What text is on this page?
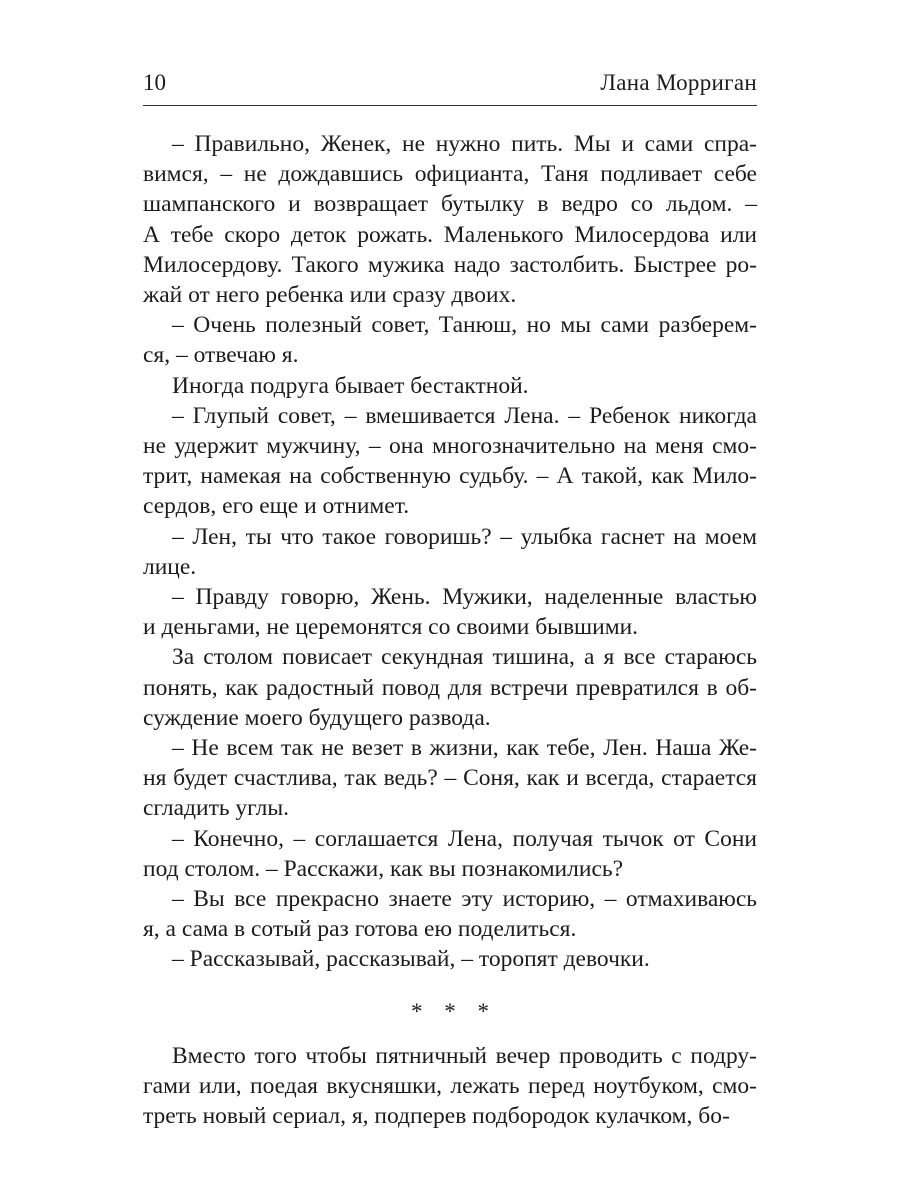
10	Лана Морриган

– Правильно, Женек, не нужно пить. Мы и сами спра-
вимся, – не дождавшись официанта, Таня подливает себе
шампанского и возвращает бутылку в ведро со льдом. –
А тебе скоро деток рожать. Маленького Милосердова или
Милосердову. Такого мужика надо застолбить. Быстрее ро-
жай от него ребенка или сразу двоих.

– Очень полезный совет, Танюш, но мы сами разберем-
ся, – отвечаю я.

Иногда подруга бывает бестактной.

– Глупый совет, – вмешивается Лена. – Ребенок никогда
не удержит мужчину, – она многозначительно на меня смо-
трит, намекая на собственную судьбу. – А такой, как Мило-
сердов, его еще и отнимет.

– Лен, ты что такое говоришь? – улыбка гаснет на моем
лице.

– Правду говорю, Жень. Мужики, наделенные властью
и деньгами, не церемонятся со своими бывшими.

За столом повисает секундная тишина, а я все стараюсь
понять, как радостный повод для встречи превратился в об-
суждение моего будущего развода.

– Не всем так не везет в жизни, как тебе, Лен. Наша Же-
ня будет счастлива, так ведь? – Соня, как и всегда, старается
сгладить углы.

– Конечно, – соглашается Лена, получая тычок от Сони
под столом. – Расскажи, как вы познакомились?

– Вы все прекрасно знаете эту историю, – отмахиваюсь
я, а сама в сотый раз готова ею поделиться.

– Рассказывай, рассказывай, – торопят девочки.

* * *

Вместо того чтобы пятничный вечер проводить с подру-
гами или, поедая вкусняшки, лежать перед ноутбуком, смо-
треть новый сериал, я, подперев подбородок кулачком, бо-
